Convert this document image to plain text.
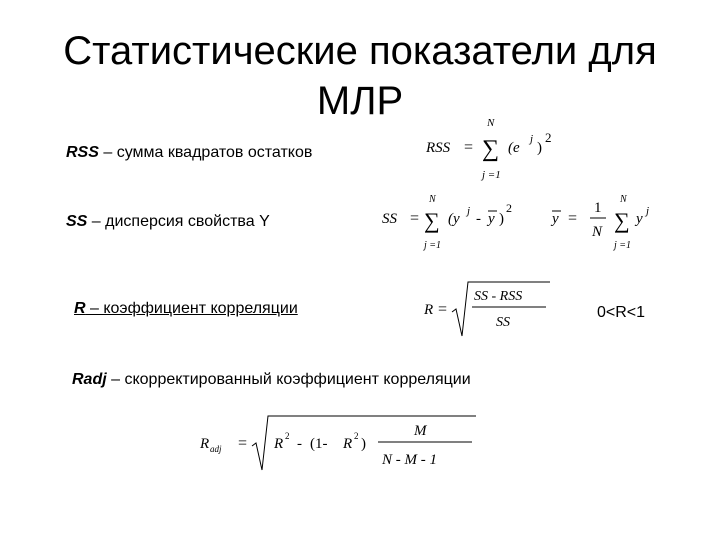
Статистические показатели для
МЛР
RSS – сумма квадратов остатков
SS – дисперсия свойства Y
R – коэффициент корреляции
Radj – скорректированный коэффициент корреляции
RSS =
N
∑
j =1
(e
j
)
2
SS =
N
∑
j =1
(y j - y )
2
y =
1
N
N
∑
j =1
y j
R =
SS - RSS
SS
0<R<1
R adj = R 2 - (1- R 2 )
M
N - M - 1
